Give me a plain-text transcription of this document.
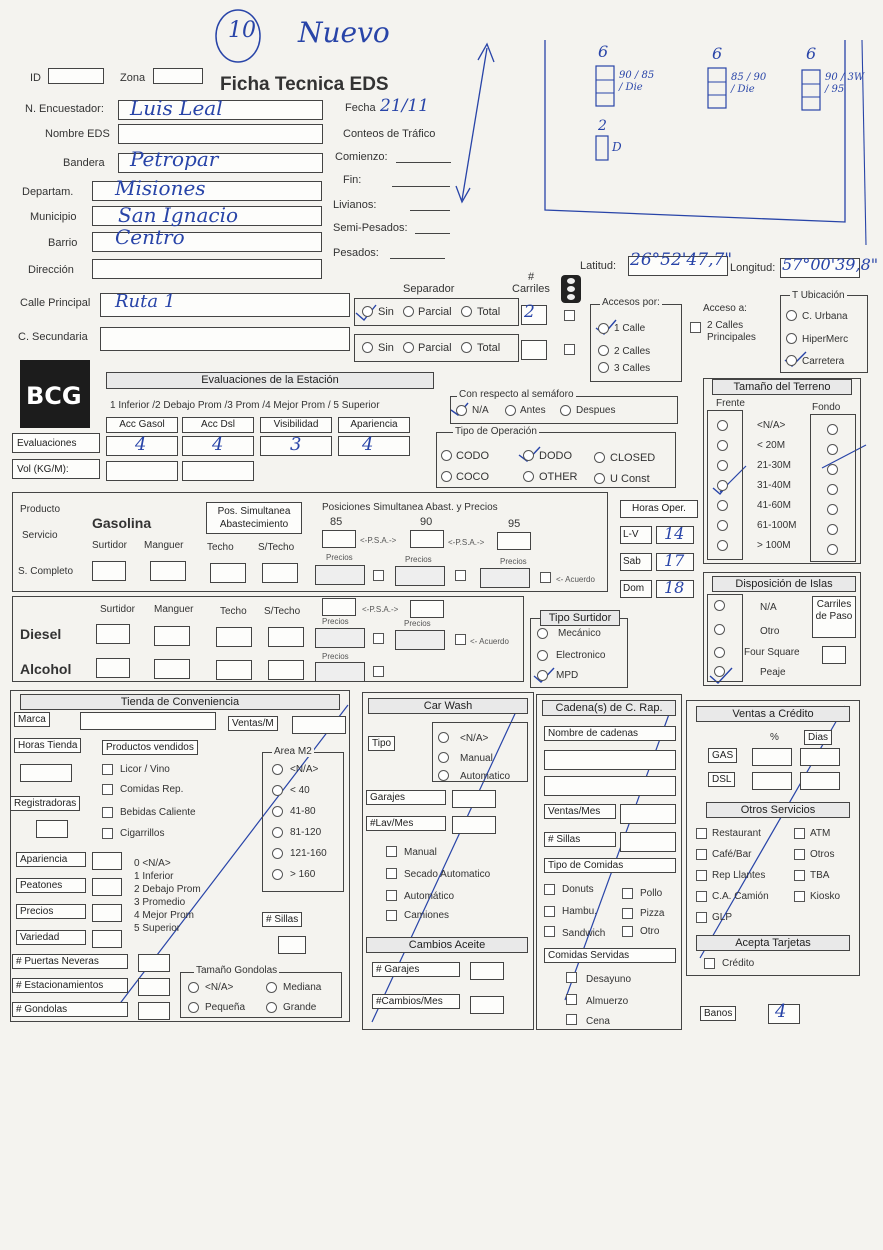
10 Nuevo
6
90 / 85 / Die
6
85 / 90 / Die
6
90 / 3W / 95
2
D
ID	Zona	Ficha Tecnica EDS
N. Encuestador: Luis Leal	Fecha 21/11
Nombre EDS	Conteos de Tráfico
Bandera Petropar	Comienzo:
Departam. Misiones	Fin:
Municipio San Ignacio	Livianos:
Barrio Centro	Semi-Pesados:
Dirección
Pesados:
Calle Principal Ruta 1
C. Secundaria
Separador
Sin Parcial Total
Sin Parcial Total
#
Carriles
2	Accesos por:
1 Calle
2 Calles
3 Calles
Latitud: 26°52'47,7"
Longitud: 57°00'39,8"
Acceso a:
2 Calles Principales
T Ubicación
C. Urbana
HiperMerc
Carretera
BCG
Evaluaciones de la Estación
1 Inferior /2 Debajo Prom /3 Prom /4 Mejor Prom / 5 Superior
Acc Gasol	Acc Dsl	Visibilidad	Apariencia
Evaluaciones	4	4	3	4
Vol (KG/M):
Con respecto al semáforo
N/A	Antes	Despues
Tipo de Operación
CODO	DODO	CLOSED
COCO	OTHER	U Const
Tamaño del Terreno
Frente	Fondo
<N/A>
< 20M
21-30M
31-40M
41-60M
61-100M
> 100M
Producto
Servicio
Gasolina
Pos. Simultanea Abastecimiento
Posiciones Simultanea Abast. y Precios
85	90	95
<-P.S.A.->	<-P.S.A.->
Surtidor Manguer Techo S/Techo
Precios	Precios	Precios
S. Completo
<- Acuerdo
Horas Oper.
L-V	14
Sab	17
Dom	18
Surtidor Manguer	Techo S/Techo	<-P.S.A.->
Diesel
Precios	Precios
<- Acuerdo
Alcohol
Precios
Tipo Surtidor
Mecánico
Electronico
MPD
Disposición de Islas
N/A
Otro
Four Square
Peaje
Carriles de Paso
Tienda de Conveniencia
Marca	Ventas/M
Horas Tienda	Productos vendidos
Licor / Vino
Comidas Rep.
Bebidas Caliente
Cigarrillos
Registradoras
Area M2
<N/A>
< 40
41-80
81-120
121-160
> 160
Apariencia
Peatones
Precios
Variedad
0 <N/A>
1 Inferior
2 Debajo Prom
3 Promedio
4 Mejor Prom
5 Superior
# Sillas
# Puertas Neveras
# Estacionamientos
# Gondolas
Tamaño Gondolas
<N/A>	Mediana
Pequeña	Grande
Car Wash
Tipo	<N/A>
Manual
Automatico
Garajes
#Lav/Mes
Manual
Secado Automatico
Automático
Camiones
Cambios Aceite
# Garajes
#Cambios/Mes
Cadena(s) de C. Rap.
Nombre de cadenas
Ventas/Mes
# Sillas
Tipo de Comidas
Donuts	Pollo
Hambu.	Pizza
Sandwich	Otro
Comidas Servidas
Desayuno
Almuerzo
Cena
Ventas a Crédito
%	Dias
GAS
DSL
Otros Servicios
Restaurant	ATM
Café/Bar	Otros
Rep Llantes	TBA
C.A. Camión	Kiosko
GLP
Acepta Tarjetas
Crédito
Banos 4
